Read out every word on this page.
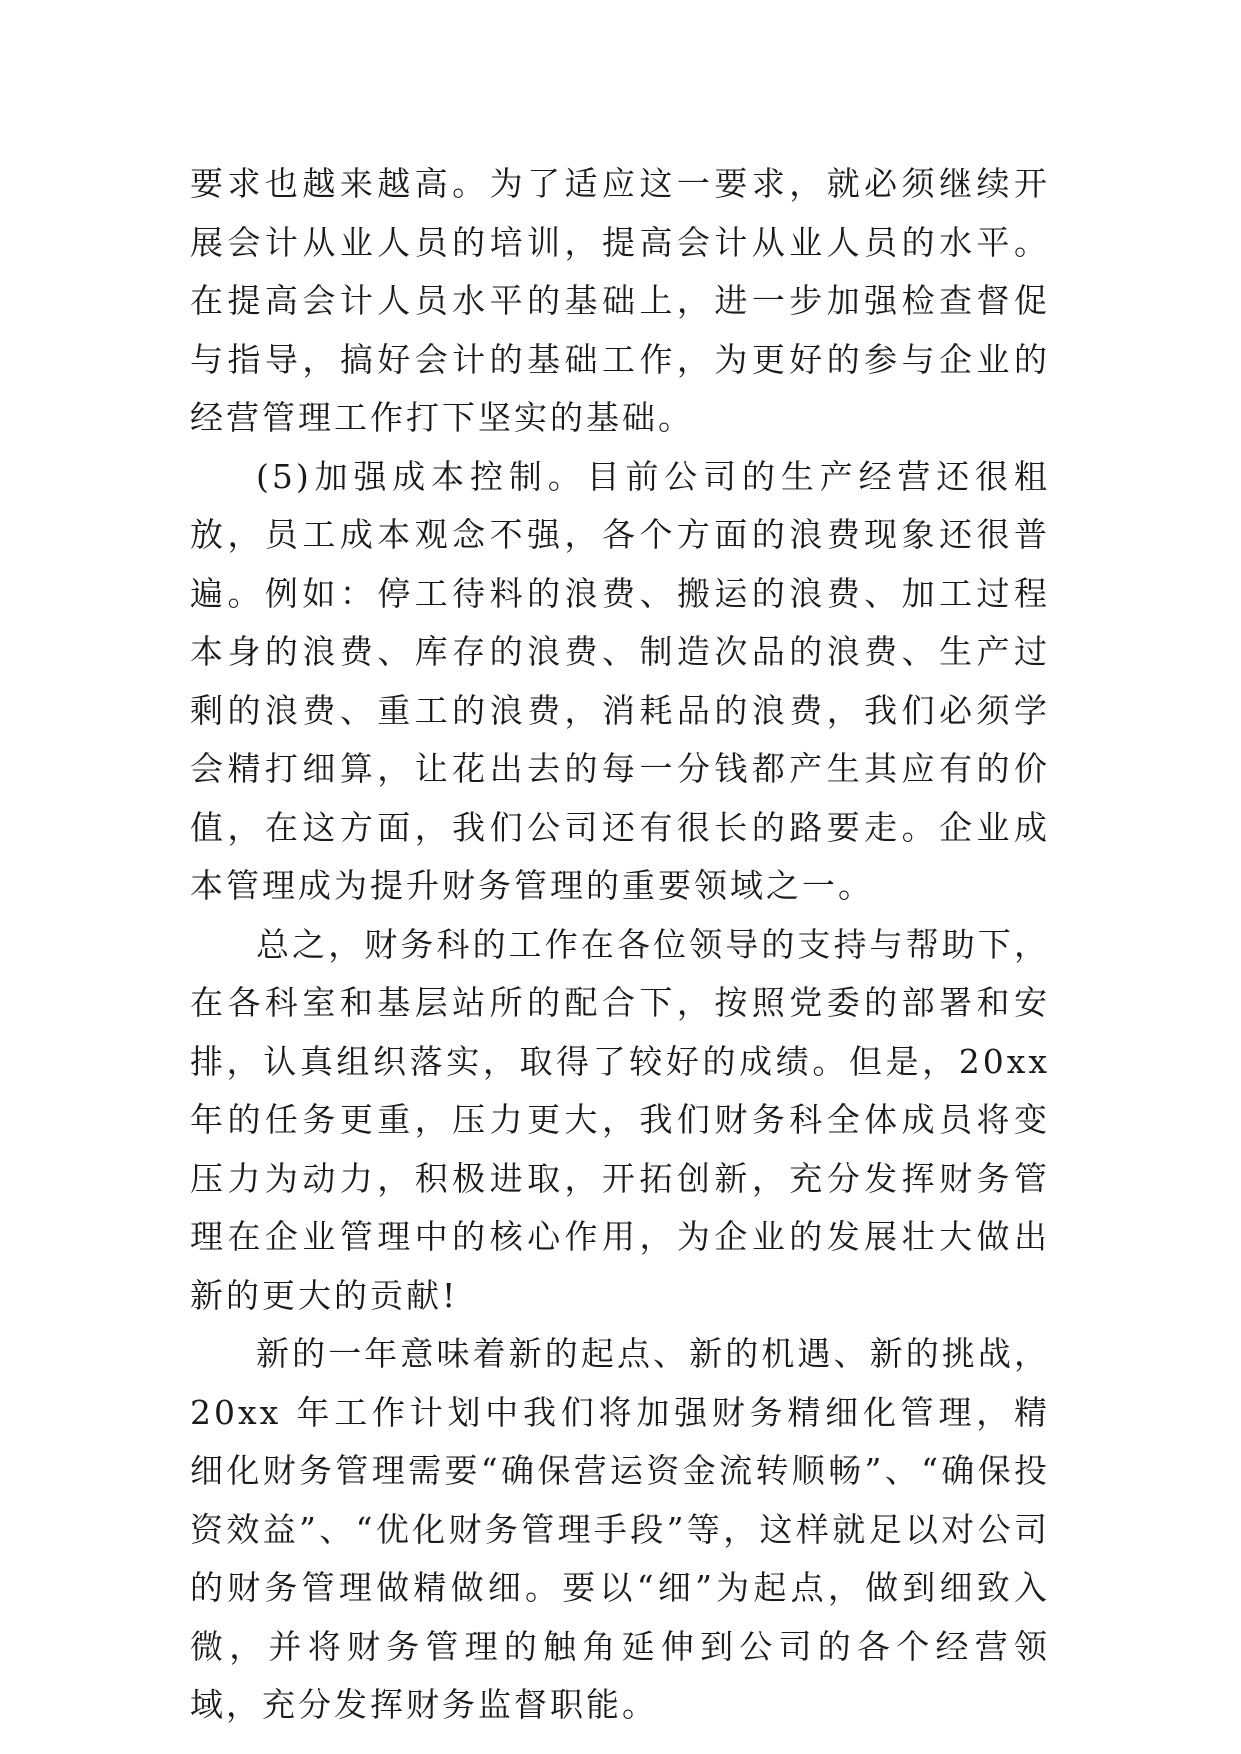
要求也越来越高。为了适应这一要求，就必须继续开展会计从业人员的培训，提高会计从业人员的水平。在提高会计人员水平的基础上，进一步加强检查督促与指导，搞好会计的基础工作，为更好的参与企业的经营管理工作打下坚实的基础。

(5)加强成本控制。目前公司的生产经营还很粗放，员工成本观念不强，各个方面的浪费现象还很普遍。例如：停工待料的浪费、搬运的浪费、加工过程本身的浪费、库存的浪费、制造次品的浪费、生产过剩的浪费、重工的浪费，消耗品的浪费，我们必须学会精打细算，让花出去的每一分钱都产生其应有的价值，在这方面，我们公司还有很长的路要走。企业成本管理成为提升财务管理的重要领域之一。

总之，财务科的工作在各位领导的支持与帮助下，在各科室和基层站所的配合下，按照党委的部署和安排，认真组织落实，取得了较好的成绩。但是，20xx 年的任务更重，压力更大，我们财务科全体成员将变压力为动力，积极进取，开拓创新，充分发挥财务管理在企业管理中的核心作用，为企业的发展壮大做出新的更大的贡献!

新的一年意味着新的起点、新的机遇、新的挑战，20xx 年工作计划中我们将加强财务精细化管理，精细化财务管理需要“确保营运资金流转顺畅”、“确保投资效益”、“优化财务管理手段”等，这样就足以对公司的财务管理做精做细。要以“细”为起点，做到细致入微，并将财务管理的触角延伸到公司的各个经营领域，充分发挥财务监督职能。
